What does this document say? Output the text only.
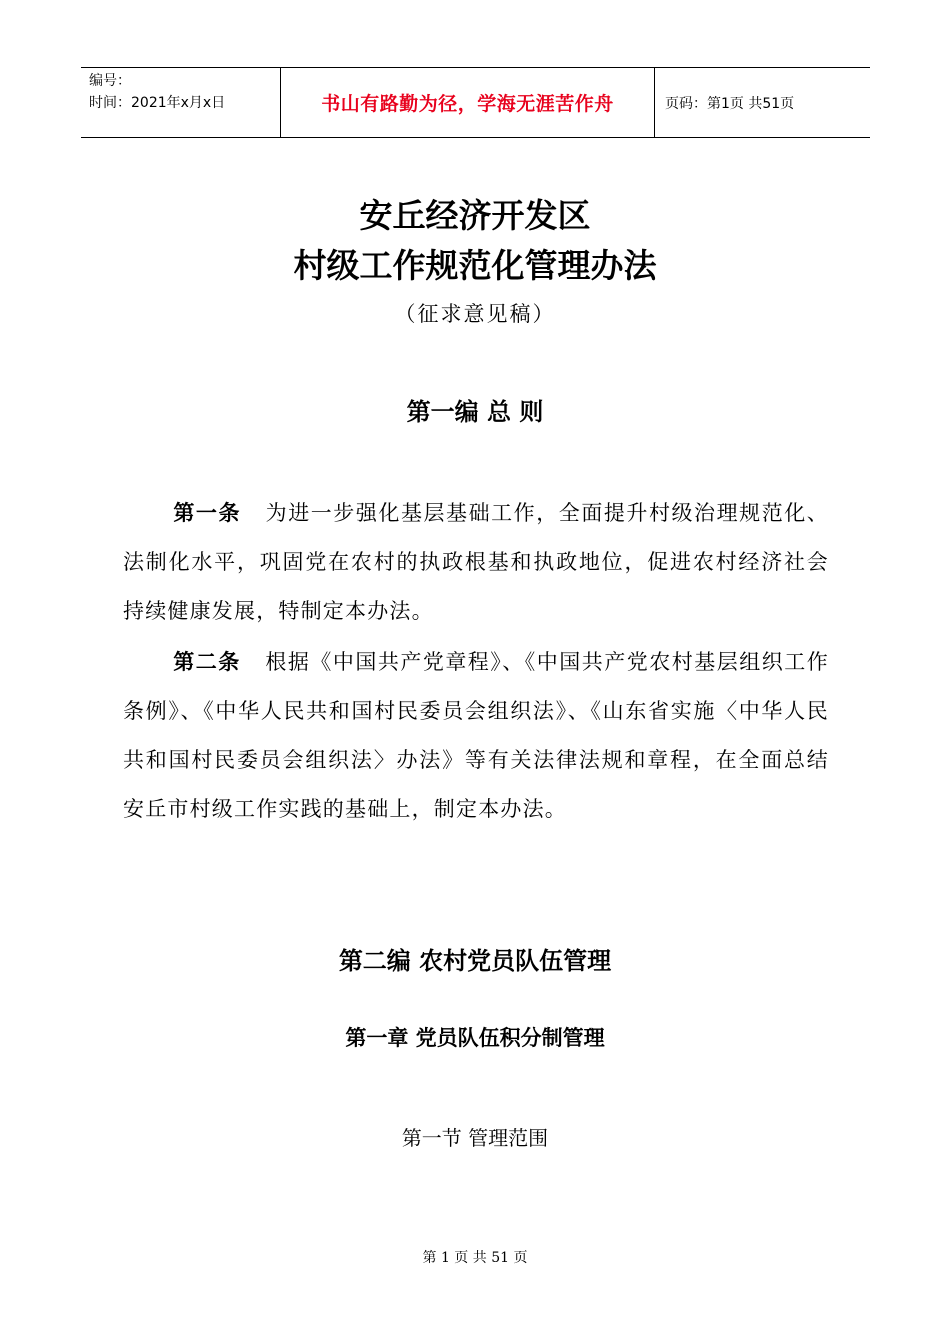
编号：
时间：2021年x月x日	书山有路勤为径，学海无涯苦作舟	页码：第1页 共51页
安丘经济开发区
村级工作规范化管理办法
（征求意见稿）
第一编 总 则
第一条 为进一步强化基层基础工作，全面提升村级治理规范化、法制化水平，巩固党在农村的执政根基和执政地位，促进农村经济社会持续健康发展，特制定本办法。
第二条 根据《中国共产党章程》、《中国共产党农村基层组织工作条例》、《中华人民共和国村民委员会组织法》、《山东省实施〈中华人民共和国村民委员会组织法〉办法》等有关法律法规和章程，在全面总结安丘市村级工作实践的基础上，制定本办法。
第二编 农村党员队伍管理
第一章 党员队伍积分制管理
第一节 管理范围
第 1 页 共 51 页
